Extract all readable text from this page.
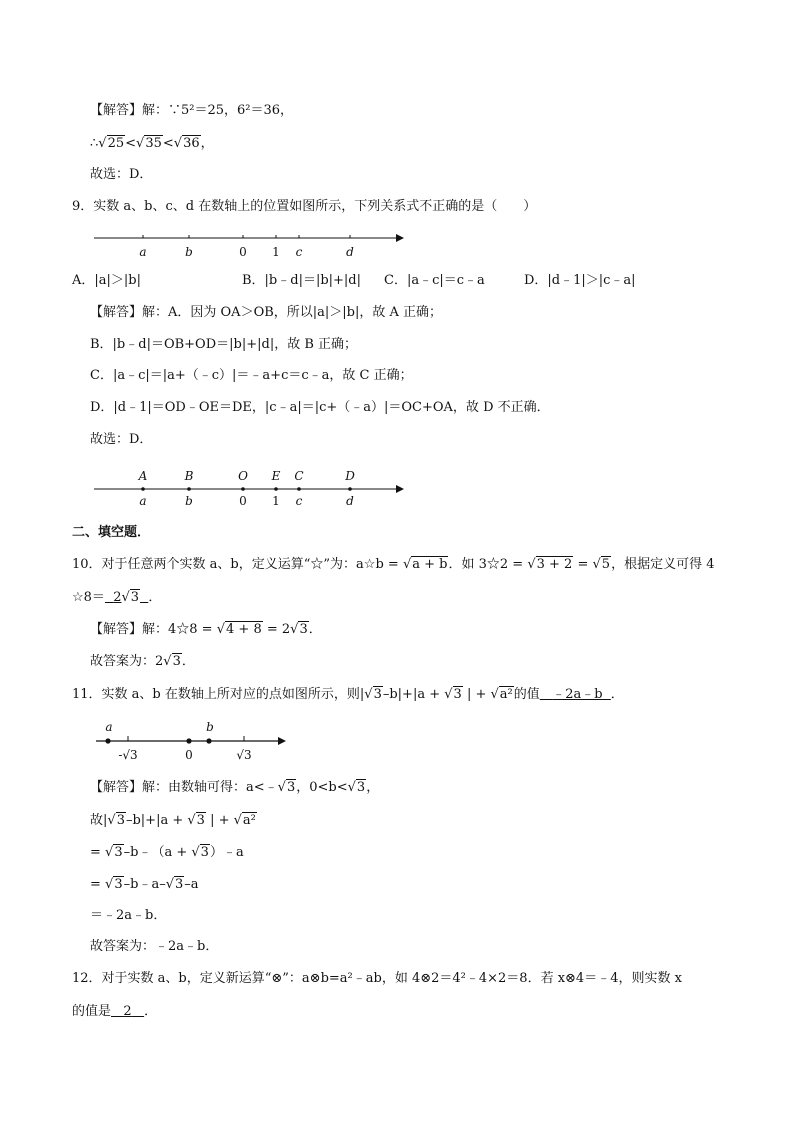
【解答】解：∵5²＝25，6²＝36，
∴√25<√35<√36，
故选：D．
9．实数 a、b、c、d 在数轴上的位置如图所示，下列关系式不正确的是（　　）
a	b	0 1 c	d
A．|a|＞|b|	B．|b﹣d|＝|b|+|d| C．|a﹣c|＝c﹣a	D．|d﹣1|＞|c﹣a|
【解答】解：A．因为 OA＞OB，所以|a|＞|b|，故 A 正确；
B．|b﹣d|＝OB+OD＝|b|+|d|，故 B 正确；
C．|a﹣c|＝|a+（﹣c）|＝﹣a+c＝c﹣a，故 C 正确；
D．|d﹣1|＝OD﹣OE＝DE，|c﹣a|＝|c+（﹣a）|＝OC+OA，故 D 不正确．
故选：D．
A
a
B
b
O
0
E
1
C
c
D
d
二、填空题．
10．对于任意两个实数 a、b，定义运算“☆”为：a☆b = √a + b．如 3☆2 = √3 + 2 = √5，根据定义可得 4
☆8＝ 2√3 ．
【解答】解：4☆8 = √4 + 8 = 2√3．
故答案为：2√3．
11．实数 a、b 在数轴上所对应的点如图所示，则|√3–b|+|a + √3 | + √a²的值 ﹣2a﹣b ．
a	b
-√3	0	√3
【解答】解：由数轴可得：a<﹣√3，0<b<√3，
故|√3–b|+|a + √3 | + √a²
= √3–b﹣（a + √3）﹣a
= √3–b﹣a–√3–a
＝﹣2a﹣b．
故答案为：﹣2a﹣b．
12．对于实数 a、b，定义新运算“⊗”：a⊗b=a²﹣ab，如 4⊗2＝4²﹣4×2＝8．若 x⊗4＝﹣4，则实数 x
的值是 2 ．
